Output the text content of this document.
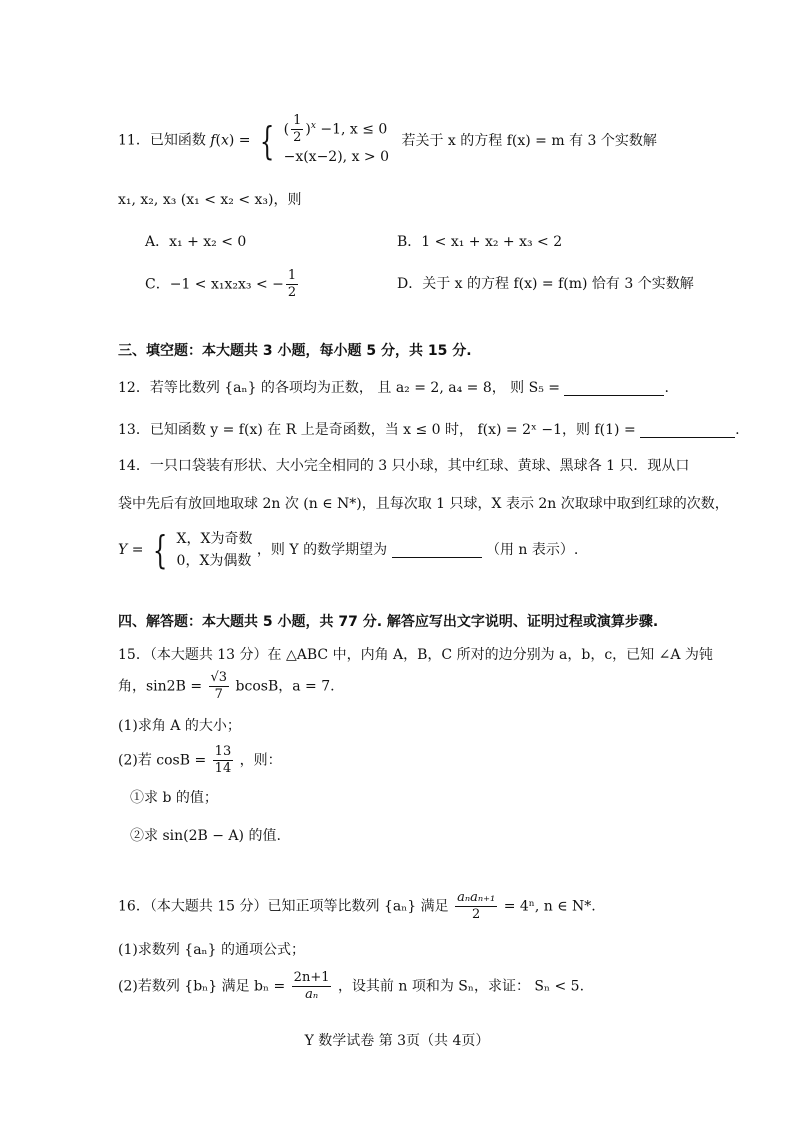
11．已知函数 f(x) = { ( $\frac{1}{2} )^x -1$, x ≤ 0
−x(x−2), x > 0
若关于 x 的方程 f(x) = m 有 3 个实数解
x₁, x₂, x₃ (x₁ < x₂ < x₃)，则
A．x₁ + x₂ < 0	B．1 < x₁ + x₂ + x₃ < 2
C．−1 < x₁x₂x₃ < − $\frac{1}{2}$	D．关于 x 的方程 f(x) = f(m) 恰有 3 个实数解
三、填空题：本大题共 3 小题，每小题 5 分，共 15 分.
12．若等比数列 {aₙ} 的各项均为正数， 且 a₂ = 2, a₄ = 8， 则 S₅ =	.
13．已知函数 y = f(x) 在 R 上是奇函数，当 x ≤ 0 时， f(x) = 2ˣ −1，则 f(1) =	.
14．一只口袋装有形状、大小完全相同的 3 只小球，其中红球、黄球、黑球各 1 只．现从口
袋中先后有放回地取球 2n 次 (n ∈ N*)，且每次取 1 只球，X 表示 2n 次取球中取到红球的次数，
Y = { X，X为奇数
0，X为偶数
，则 Y 的数学期望为	（用 n 表示）.
四、解答题：本大题共 5 小题，共 77 分. 解答应写出文字说明、证明过程或演算步骤.
15．（本大题共 13 分）在 △ABC 中，内角 A，B，C 所对的边分别为 a，b，c，已知 ∠A 为钝
角，$\sin 2B = \frac{√3}{7}$ bcosB，a = 7.
(1)求角 A 的大小；
(2)若 $\cos B = \frac{13}{14}$ ，则：
①求 b 的值；
②求 sin(2B − A) 的值.
16．（本大题共 15 分）已知正项等比数列 {aₙ} 满足 $\frac{\text{aₙaₙ₊₁}}{2} = 4^n$, n ∈ N*.
(1)求数列 {aₙ} 的通项公式；
(2)若数列 {bₙ} 满足 $b_n = \frac{2n+1}{\text{aₙ}}$ ，设其前 n 项和为 Sₙ，求证： Sₙ < 5.
Y 数学试卷 第 3页（共 4页）
